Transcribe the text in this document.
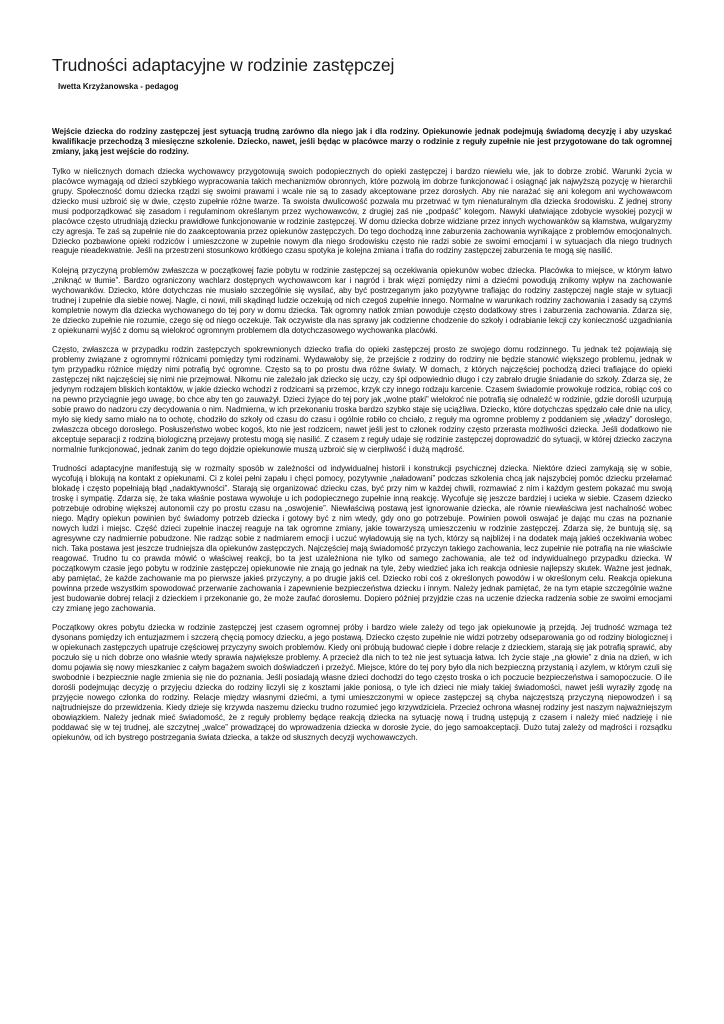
Trudności adaptacyjne w rodzinie zastępczej
Iwetta Krzyżanowska - pedagog

Wejście dziecka do rodziny zastępczej jest sytuacją trudną zarówno dla niego jak i dla rodziny. Opiekunowie jednak podejmują świadomą decyzję i aby uzyskać kwalifikacje przechodzą 3 miesięczne szkolenie. Dziecko, nawet, jeśli będąc w placówce marzy o rodzinie z reguły zupełnie nie jest przygotowane do tak ogromnej zmiany, jaką jest wejście do rodziny.

Tylko w nielicznych domach dziecka wychowawcy przygotowują swoich podopiecznych do opieki zastępczej i bardzo niewielu wie, jak to dobrze zrobić. Warunki życia w placówce wymagają od dzieci szybkiego wypracowania takich mechanizmów obronnych, które pozwolą im dobrze funkcjonować i osiągnąć jak najwyższą pozycję w hierarchii grupy. Społeczność domu dziecka rządzi się swoimi prawami i wcale nie są to zasady akceptowane przez dorosłych. Aby nie narażać się ani kolegom ani wychowawcom dziecko musi uzbroić się w dwie, często zupełnie różne twarze. Ta swoista dwulicowość pozwala mu przetrwać w tym nienaturalnym dla dziecka środowisku. Z jednej strony musi podporządkować się zasadom i regulaminom określanym przez wychowawców, z drugiej zaś nie „podpaść” kolegom. Nawyki ułatwiające zdobycie wysokiej pozycji w placówce często utrudniają dziecku prawidłowe funkcjonowanie w rodzinie zastępczej. W domu dziecka dobrze widziane przez innych wychowanków są kłamstwa, wulgaryzmy czy agresja. Te zaś są zupełnie nie do zaakceptowania przez opiekunów zastępczych. Do tego dochodzą inne zaburzenia zachowania wynikające z problemów emocjonalnych. Dziecko pozbawione opieki rodziców i umieszczone w zupełnie nowym dla niego środowisku często nie radzi sobie ze swoimi emocjami i w sytuacjach dla niego trudnych reaguje nieadekwatnie. Jeśli na przestrzeni stosunkowo krótkiego czasu spotyka je kolejna zmiana i trafia do rodziny zastępczej zaburzenia te mogą się nasilić.

Kolejną przyczyną problemów zwłaszcza w początkowej fazie pobytu w rodzinie zastępczej są oczekiwania opiekunów wobec dziecka. Placówka to miejsce, w którym łatwo „zniknąć w tłumie”. Bardzo ograniczony wachlarz dostępnych wychowawcom kar i nagród i brak więzi pomiędzy nimi a dziećmi powodują znikomy wpływ na zachowanie wychowanków. Dziecko, które dotychczas nie musiało szczególnie się wysilać, aby być postrzeganym jako pozytywne trafiając do rodziny zastępczej nagle staje w sytuacji trudnej i zupełnie dla siebie nowej. Nagle, ci nowi, mili skądinąd ludzie oczekują od nich czegoś zupełnie innego. Normalne w warunkach rodziny zachowania i zasady są czymś kompletnie nowym dla dziecka wychowanego do tej pory w domu dziecka. Tak ogromny natłok zmian powoduje często dodatkowy stres i zaburzenia zachowania. Zdarza się, że dziecko zupełnie nie rozumie, czego się od niego oczekuje. Tak oczywiste dla nas sprawy jak codzienne chodzenie do szkoły i odrabianie lekcji czy konieczność uzgadniania z opiekunami wyjść z domu są wielokroć ogromnym problemem dla dotychczasowego wychowanka placówki.

Często, zwłaszcza w przypadku rodzin zastępczych spokrewnionych dziecko trafia do opieki zastępczej prosto ze swojego domu rodzinnego. Tu jednak też pojawiają się problemy związane z ogromnymi różnicami pomiędzy tymi rodzinami. Wydawałoby się, że przejście z rodziny do rodziny nie będzie stanowić większego problemu, jednak w tym przypadku różnice między nimi potrafią być ogromne. Często są to po prostu dwa różne światy. W domach, z których najczęściej pochodzą dzieci trafiające do opieki zastępczej nikt najczęściej się nimi nie przejmował. Nikomu nie zależało jak dziecko się uczy, czy śpi odpowiednio długo i czy zabrało drugie śniadanie do szkoły. Zdarza się, że jedynym rodzajem bliskich kontaktów, w jakie dziecko wchodzi z rodzicami są przemoc, krzyk czy innego rodzaju karcenie. Czasem świadomie prowokuje rodzica, robiąc coś co na pewno przyciągnie jego uwagę, bo chce aby ten go zauważył. Dzieci żyjące do tej pory jak „wolne ptaki” wielokroć nie potrafią się odnaleźć w rodzinie, gdzie dorośli uzurpują sobie prawo do nadzoru czy decydowania o nim. Nadmierna, w ich przekonaniu troska bardzo szybko staje się uciążliwa. Dziecko, które dotychczas spędzało całe dnie na ulicy, myło się kiedy samo miało na to ochotę, chodziło do szkoły od czasu do czasu i ogólnie robiło co chciało, z reguły ma ogromne problemy z poddaniem się „władzy” dorosłego, zwłaszcza obcego dorosłego. Posłuszeństwo wobec kogoś, kto nie jest rodzicem, nawet jeśli jest to członek rodziny często przerasta możliwości dziecka. Jeśli dodatkowo nie akceptuje separacji z rodziną biologiczną przejawy protestu mogą się nasilić. Z czasem z reguły udaje się rodzinie zastępczej doprowadzić do sytuacji, w której dziecko zaczyna normalnie funkcjonować, jednak zanim do tego dojdzie opiekunowie muszą uzbroić się w cierpliwość i dużą mądrość.

Trudności adaptacyjne manifestują się w rozmaity sposób w zależności od indywidualnej historii i konstrukcji psychicznej dziecka. Niektóre dzieci zamykają się w sobie, wycofują i blokują na kontakt z opiekunami. Ci z kolei pełni zapału i chęci pomocy, pozytywnie „naładowani” podczas szkolenia chcą jak najszybciej pomóc dziecku przełamać blokadę i często popełniają błąd „nadaktywności”. Starają się organizować dziecku czas, być przy nim w każdej chwili, rozmawiać z nim i każdym gestem pokazać mu swoją troskę i sympatię. Zdarza się, że taka właśnie postawa wywołuje u ich podopiecznego zupełnie inną reakcję. Wycofuje się jeszcze bardziej i ucieka w siebie. Czasem dziecko potrzebuje odrobinę większej autonomii czy po prostu czasu na „oswojenie”. Niewłaściwą postawą jest ignorowanie dziecka, ale równie niewłaściwa jest nachalność wobec niego. Mądry opiekun powinien być świadomy potrzeb dziecka i gotowy być z nim wtedy, gdy ono go potrzebuje. Powinien powoli oswajać je dając mu czas na poznanie nowych ludzi i miejsc. Część dzieci zupełnie inaczej reaguje na tak ogromne zmiany, jakie towarzyszą umieszczeniu w rodzinie zastępczej. Zdarza się, że buntują się, są agresywne czy nadmiernie pobudzone. Nie radząc sobie z nadmiarem emocji i uczuć wyładowują się na tych, którzy są najbliżej i na dodatek mają jakieś oczekiwania wobec nich. Taka postawa jest jeszcze trudniejsza dla opiekunów zastępczych. Najczęściej mają świadomość przyczyn takiego zachowania, lecz zupełnie nie potrafią na nie właściwie reagować. Trudno tu co prawda mówić o właściwej reakcji, bo ta jest uzależniona nie tylko od samego zachowania, ale też od indywidualnego przypadku dziecka. W początkowym czasie jego pobytu w rodzinie zastępczej opiekunowie nie znają go jednak na tyle, żeby wiedzieć jaka ich reakcja odniesie najlepszy skutek. Ważne jest jednak, aby pamiętać, że każde zachowanie ma po pierwsze jakieś przyczyny, a po drugie jakiś cel. Dziecko robi coś z określonych powodów i w określonym celu. Reakcja opiekuna powinna przede wszystkim spowodować przerwanie zachowania i zapewnienie bezpieczeństwa dziecku i innym. Należy jednak pamiętać, że na tym etapie szczególnie ważne jest budowanie dobrej relacji z dzieckiem i przekonanie go, że może zaufać dorosłemu. Dopiero później przyjdzie czas na uczenie dziecka radzenia sobie ze swoimi emocjami czy zmianę jego zachowania.

Początkowy okres pobytu dziecka w rodzinie zastępczej jest czasem ogromnej próby i bardzo wiele zależy od tego jak opiekunowie ją przejdą. Jej trudność wzmaga też dysonans pomiędzy ich entuzjazmem i szczerą chęcią pomocy dziecku, a jego postawą. Dziecko często zupełnie nie widzi potrzeby odseparowania go od rodziny biologicznej i w opiekunach zastępczych upatruje częściowej przyczyny swoich problemów. Kiedy oni próbują budować ciepłe i dobre relacje z dzieckiem, starają się jak potrafią sprawić, aby poczuło się u nich dobrze ono właśnie wtedy sprawia największe problemy. A przecież dla nich to też nie jest sytuacja łatwa. Ich życie staje „na głowie” z dnia na dzień, w ich domu pojawia się nowy mieszkaniec z całym bagażem swoich doświadczeń i przeżyć. Miejsce, które do tej pory było dla nich bezpieczną przystanią i azylem, w którym czuli się swobodnie i bezpiecznie nagle zmienia się nie do poznania. Jeśli posiadają własne dzieci dochodzi do tego często troska o ich poczucie bezpieczeństwa i samopoczucie. O ile dorośli podejmując decyzję o przyjęciu dziecka do rodziny liczyli się z kosztami jakie poniosą, o tyle ich dzieci nie miały takiej świadomości, nawet jeśli wyraziły zgodę na przyjęcie nowego członka do rodziny. Relacje między własnymi dziećmi, a tymi umieszczonymi w opiece zastępczej są chyba najczęstszą przyczyną niepowodzeń i są najtrudniejsze do przewidzenia. Kiedy dzieje się krzywda naszemu dziecku trudno rozumieć jego krzywdziciela. Przecież ochrona własnej rodziny jest naszym najważniejszym obowiązkiem. Należy jednak mieć świadomość, że z reguły problemy będące reakcją dziecka na sytuację nową i trudną ustępują z czasem i należy mieć nadzieję i nie poddawać się w tej trudnej, ale szczytnej „walce” prowadzącej do wprowadzenia dziecka w dorosłe życie, do jego samoakceptacji. Dużo tutaj zależy od mądrości i rozsądku opiekunów, od ich bystrego postrzegania świata dziecka, a także od słusznych decyzji wychowawczych.
